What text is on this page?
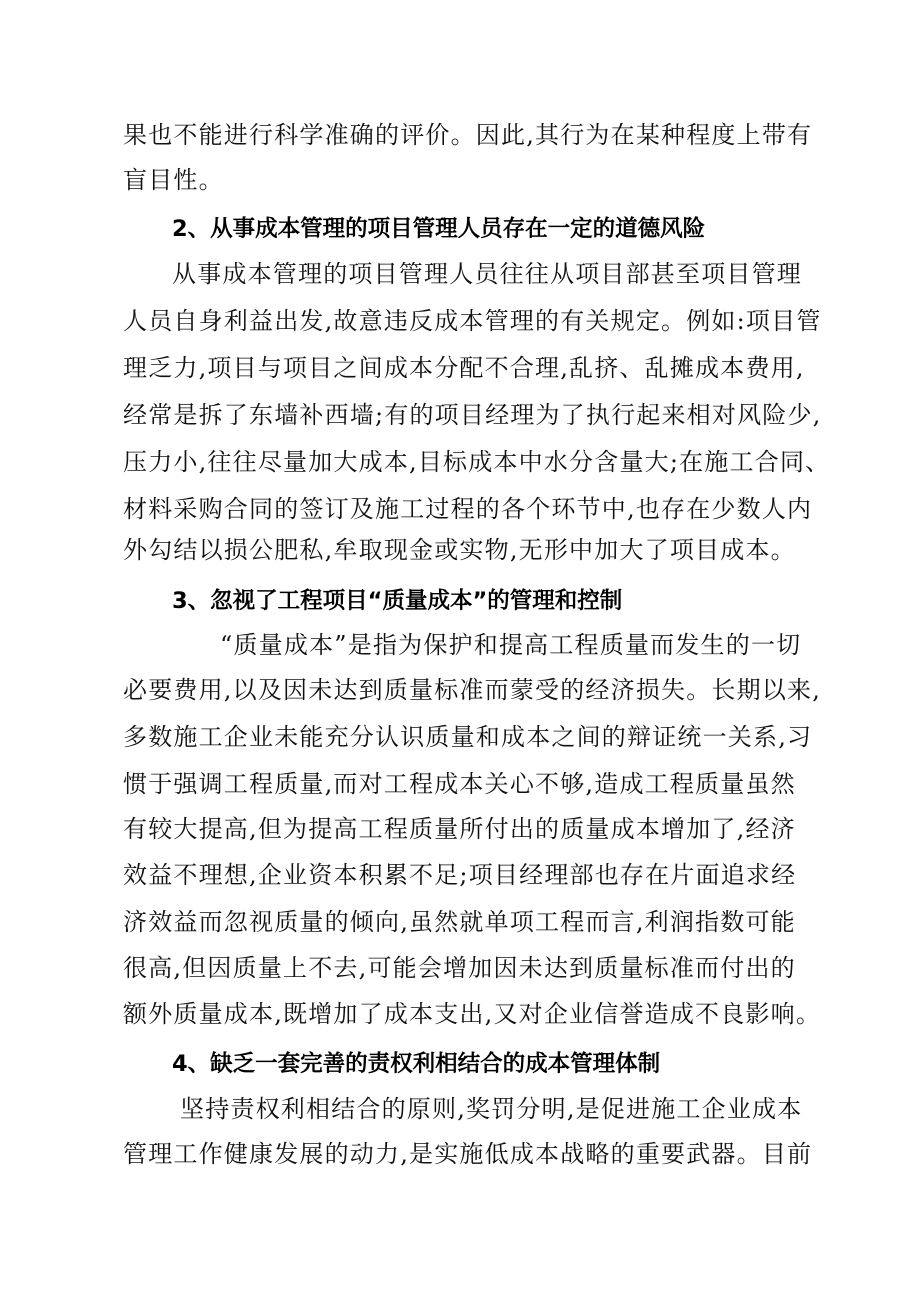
果也不能进行科学准确的评价。因此,其行为在某种程度上带有
盲目性。
2、从事成本管理的项目管理人员存在一定的道德风险
从事成本管理的项目管理人员往往从项目部甚至项目管理
人员自身利益出发,故意违反成本管理的有关规定。例如:项目管
理乏力,项目与项目之间成本分配不合理,乱挤、乱摊成本费用,
经常是拆了东墙补西墙;有的项目经理为了执行起来相对风险少,
压力小,往往尽量加大成本,目标成本中水分含量大;在施工合同、
材料采购合同的签订及施工过程的各个环节中,也存在少数人内
外勾结以损公肥私,牟取现金或实物,无形中加大了项目成本。
3、忽视了工程项目“质量成本”的管理和控制
“质量成本”是指为保护和提高工程质量而发生的一切
必要费用,以及因未达到质量标准而蒙受的经济损失。长期以来,
多数施工企业未能充分认识质量和成本之间的辩证统一关系,习
惯于强调工程质量,而对工程成本关心不够,造成工程质量虽然
有较大提高,但为提高工程质量所付出的质量成本增加了,经济
效益不理想,企业资本积累不足;项目经理部也存在片面追求经
济效益而忽视质量的倾向,虽然就单项工程而言,利润指数可能
很高,但因质量上不去,可能会增加因未达到质量标准而付出的
额外质量成本,既增加了成本支出,又对企业信誉造成不良影响。
4、缺乏一套完善的责权利相结合的成本管理体制
坚持责权利相结合的原则,奖罚分明,是促进施工企业成本
管理工作健康发展的动力,是实施低成本战略的重要武器。目前
